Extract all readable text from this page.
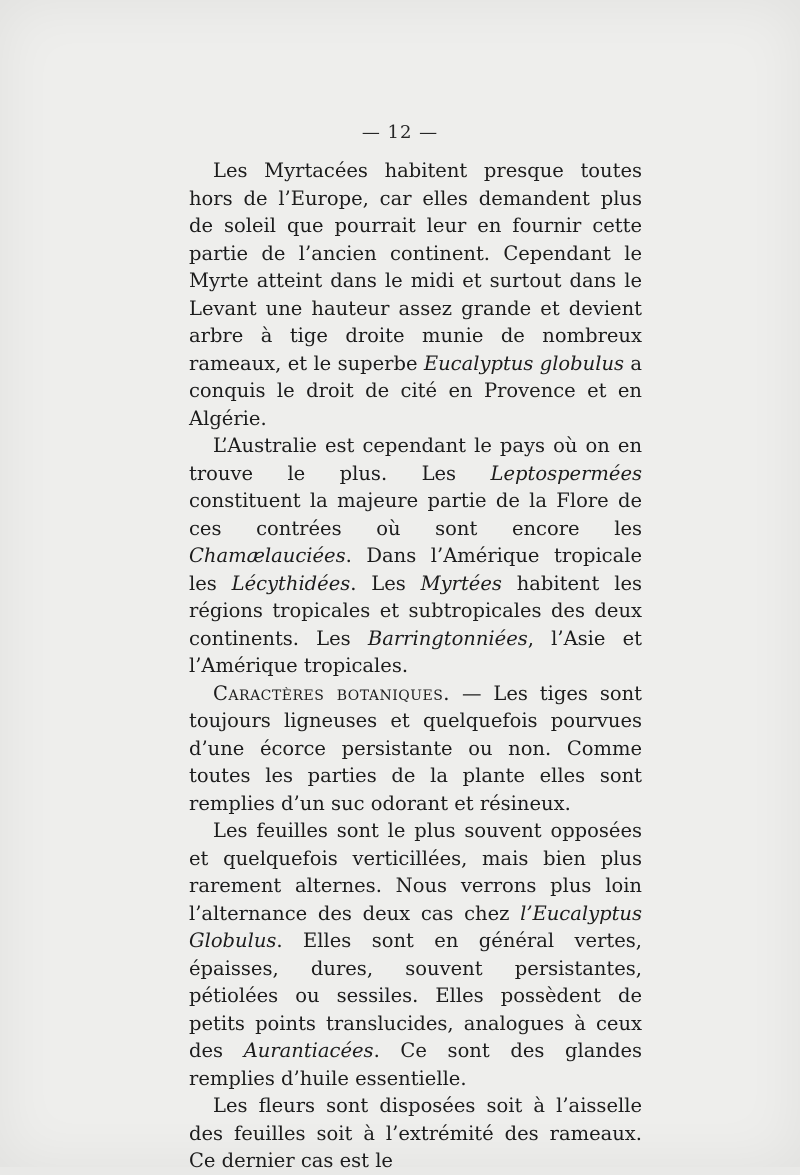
— 12 —

Les Myrtacées habitent presque toutes hors de l’Europe, car elles demandent plus de soleil que pourrait leur en fournir cette partie de l’ancien continent. Cependant le Myrte atteint dans le midi et surtout dans le Levant une hauteur assez grande et devient arbre à tige droite munie de nombreux rameaux, et le superbe Eucalyptus globulus a conquis le droit de cité en Provence et en Algérie.

L’Australie est cependant le pays où on en trouve le plus. Les Leptospermées constituent la majeure partie de la Flore de ces contrées où sont encore les Chamælauciées. Dans l’Amérique tropicale les Lécythidées. Les Myrtées habitent les régions tropicales et subtropicales des deux continents. Les Barringtonniées, l’Asie et l’Amérique tropicales.

Caractères botaniques. — Les tiges sont toujours ligneuses et quelquefois pourvues d’une écorce persistante ou non. Comme toutes les parties de la plante elles sont remplies d’un suc odorant et résineux.

Les feuilles sont le plus souvent opposées et quelquefois verticillées, mais bien plus rarement alternes. Nous verrons plus loin l’alternance des deux cas chez l’Eucalyptus Globulus. Elles sont en général vertes, épaisses, dures, souvent persistantes, pétiolées ou sessiles. Elles possèdent de petits points translucides, analogues à ceux des Aurantiacées. Ce sont des glandes remplies d’huile essentielle.

Les fleurs sont disposées soit à l’aisselle des feuilles soit à l’extrémité des rameaux. Ce dernier cas est le
